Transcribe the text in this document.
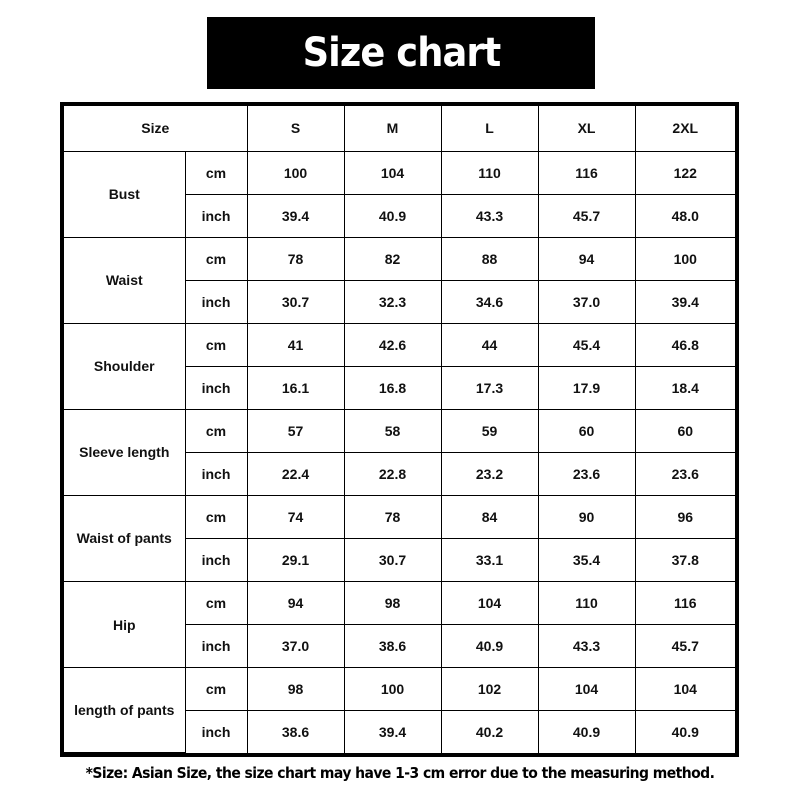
Size chart
Size		S	M	L	XL	2XL
Bust	cm	100	104	110	116	122
	inch	39.4	40.9	43.3	45.7	48.0
Waist	cm	78	82	88	94	100
	inch	30.7	32.3	34.6	37.0	39.4
Shoulder	cm	41	42.6	44	45.4	46.8
	inch	16.1	16.8	17.3	17.9	18.4
Sleeve length	cm	57	58	59	60	60
	inch	22.4	22.8	23.2	23.6	23.6
Waist of pants	cm	74	78	84	90	96
	inch	29.1	30.7	33.1	35.4	37.8
Hip	cm	94	98	104	110	116
	inch	37.0	38.6	40.9	43.3	45.7
length of pants	cm	98	100	102	104	104
	inch	38.6	39.4	40.2	40.9	40.9
*Size: Asian Size, the size chart may have 1-3 cm error due to the measuring method.
